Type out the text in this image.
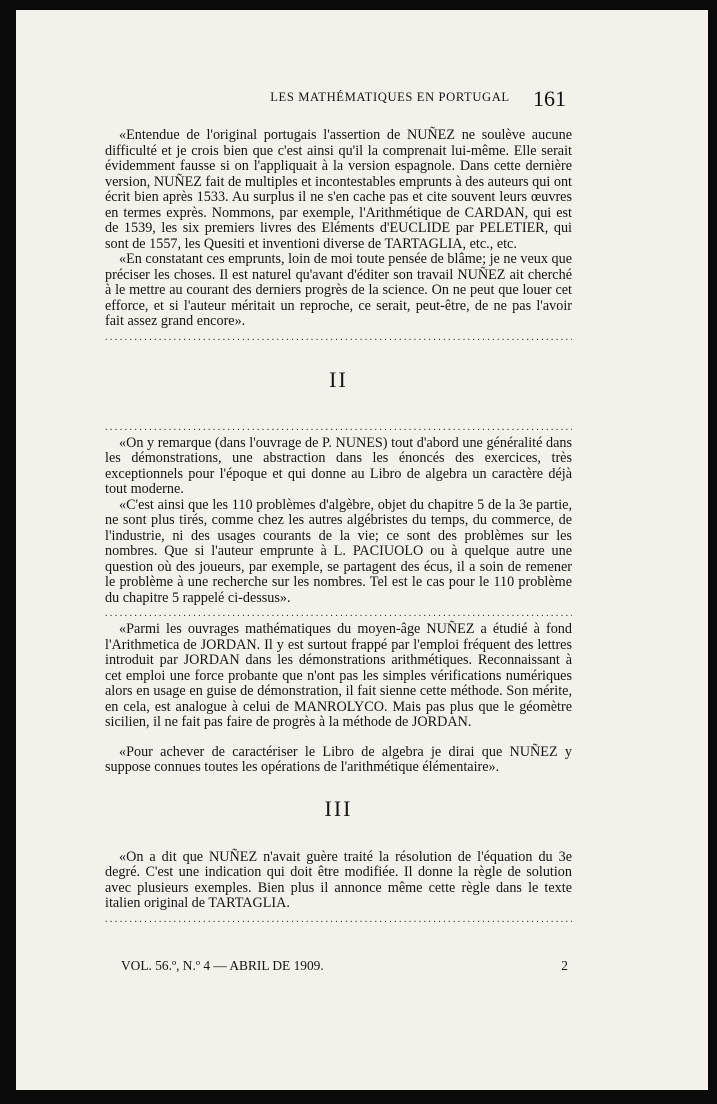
LES MATHÉMATIQUES EN PORTUGAL	161

«Entendue de l'original portugais l'assertion de NUÑEZ ne soulève aucune difficulté et je crois bien que c'est ainsi qu'il la comprenait lui-même. Elle serait évidemment fausse si on l'appliquait à la version espagnole. Dans cette dernière version, NUÑEZ fait de multiples et incontestables emprunts à des auteurs qui ont écrit bien après 1533. Au surplus il ne s'en cache pas et cite souvent leurs œuvres en termes exprès. Nommons, par exemple, l'Arithmétique de CARDAN, qui est de 1539, les six premiers livres des Eléments d'EUCLIDE par PELETIER, qui sont de 1557, les Quesiti et inventioni diverse de TARTAGLIA, etc., etc.

«En constatant ces emprunts, loin de moi toute pensée de blâme; je ne veux que préciser les choses. Il est naturel qu'avant d'éditer son travail NUÑEZ ait cherché à le mettre au courant des derniers progrès de la science. On ne peut que louer cet efforce, et si l'auteur méritait un reproche, ce serait, peut-être, de ne pas l'avoir fait assez grand encore».

.....
II
.....

«On y remarque (dans l'ouvrage de P. NUNES) tout d'abord une généralité dans les démonstrations, une abstraction dans les énoncés des exercices, très exceptionnels pour l'époque et qui donne au Libro de algebra un caractère déjà tout moderne.

«C'est ainsi que les 110 problèmes d'algèbre, objet du chapitre 5 de la 3e partie, ne sont plus tirés, comme chez les autres algébristes du temps, du commerce, de l'industrie, ni des usages courants de la vie; ce sont des problèmes sur les nombres. Que si l'auteur emprunte à L. PACIUOLO ou à quelque autre une question où des joueurs, par exemple, se partagent des écus, il a soin de remener le problème à une recherche sur les nombres. Tel est le cas pour le 110 problème du chapitre 5 rappelé ci-dessus».

.....

«Parmi les ouvrages mathématiques du moyen-âge NUÑEZ a étudié à fond l'Arithmetica de JORDAN. Il y est surtout frappé par l'emploi fréquent des lettres introduit par JORDAN dans les démonstrations arithmétiques. Reconnaissant à cet emploi une force probante que n'ont pas les simples vérifications numériques alors en usage en guise de démonstration, il fait sienne cette méthode. Son mérite, en cela, est analogue à celui de MANROLYCO. Mais pas plus que le géomètre sicilien, il ne fait pas faire de progrès à la méthode de JORDAN.

«Pour achever de caractériser le Libro de algebra je dirai que NUÑEZ y suppose connues toutes les opérations de l'arithmétique élémentaire».

III

«On a dit que NUÑEZ n'avait guère traité la résolution de l'équation du 3e degré. C'est une indication qui doit être modifiée. Il donne la règle de solution avec plusieurs exemples. Bien plus il annonce même cette règle dans le texte italien original de TARTAGLIA.

.....
VOL. 56.º, N.º 4 — ABRIL DE 1909.	2
